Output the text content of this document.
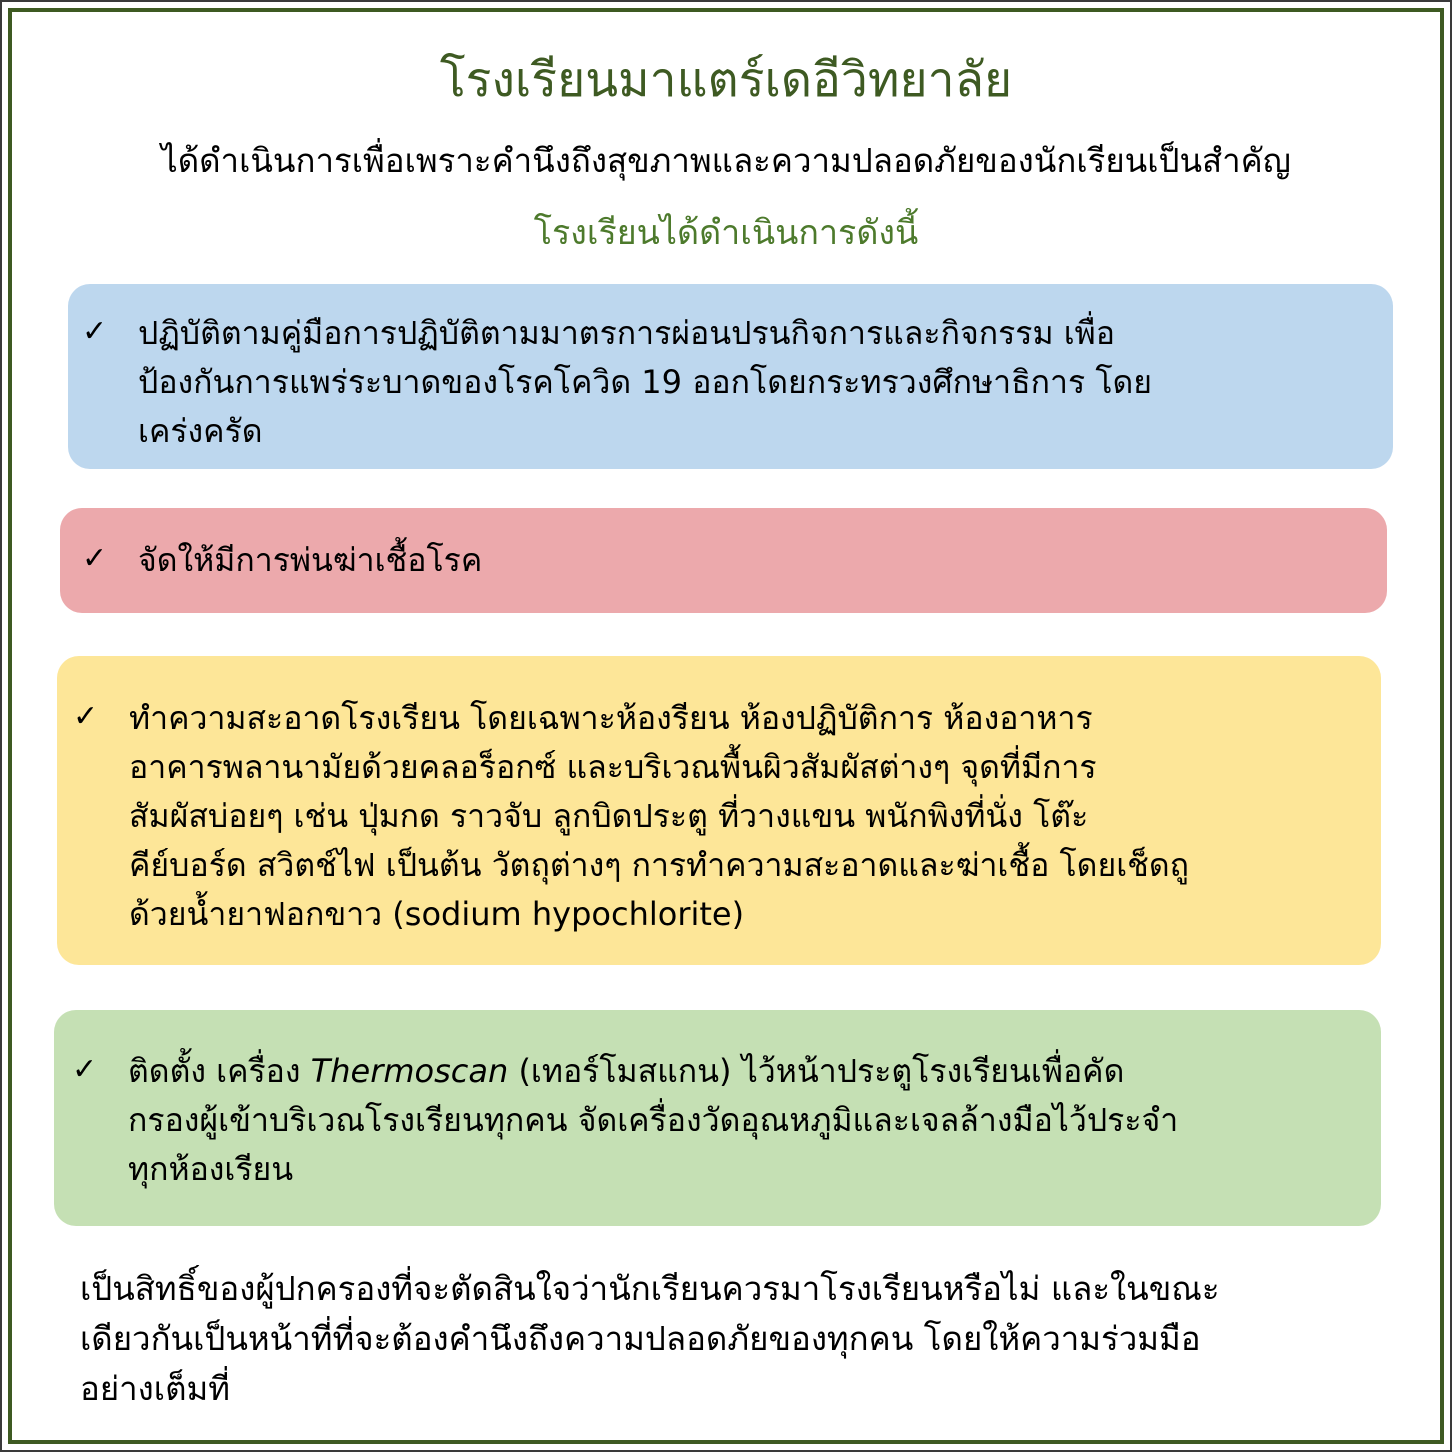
โรงเรียนมาแตร์เดอีวิทยาลัย

ได้ดำเนินการเพื่อเพราะคำนึงถึงสุขภาพและความปลอดภัยของนักเรียนเป็นสำคัญ

โรงเรียนได้ดำเนินการดังนี้

✓ ปฏิบัติตามคู่มือการปฏิบัติตามมาตรการผ่อนปรนกิจการและกิจกรรม เพื่อ
ป้องกันการแพร่ระบาดของโรคโควิด 19 ออกโดยกระทรวงศึกษาธิการ โดย
เคร่งครัด
✓ จัดให้มีการพ่นฆ่าเชื้อโรค
✓ ทำความสะอาดโรงเรียน โดยเฉพาะห้องรียน ห้องปฏิบัติการ ห้องอาหาร
อาคารพลานามัยด้วยคลอร็อกซ์ และบริเวณพื้นผิวสัมผัสต่างๆ จุดที่มีการ
สัมผัสบ่อยๆ เช่น ปุ่มกด ราวจับ ลูกบิดประตู ที่วางแขน พนักพิงที่นั่ง โต๊ะ
คีย์บอร์ด สวิตช์ไฟ เป็นต้น วัตถุต่างๆ การทำความสะอาดและฆ่าเชื้อ โดยเช็ดถู
ด้วยน้ำยาฟอกขาว (sodium hypochlorite)
✓ ติดตั้ง เครื่อง Thermoscan (เทอร์โมสแกน) ไว้หน้าประตูโรงเรียนเพื่อคัด
กรองผู้เข้าบริเวณโรงเรียนทุกคน จัดเครื่องวัดอุณหภูมิและเจลล้างมือไว้ประจำ
ทุกห้องเรียน
เป็นสิทธิ์ของผู้ปกครองที่จะตัดสินใจว่านักเรียนควรมาโรงเรียนหรือไม่ และในขณะ
เดียวกันเป็นหน้าที่ที่จะต้องคำนึงถึงความปลอดภัยของทุกคน โดยให้ความร่วมมือ
อย่างเต็มที่
